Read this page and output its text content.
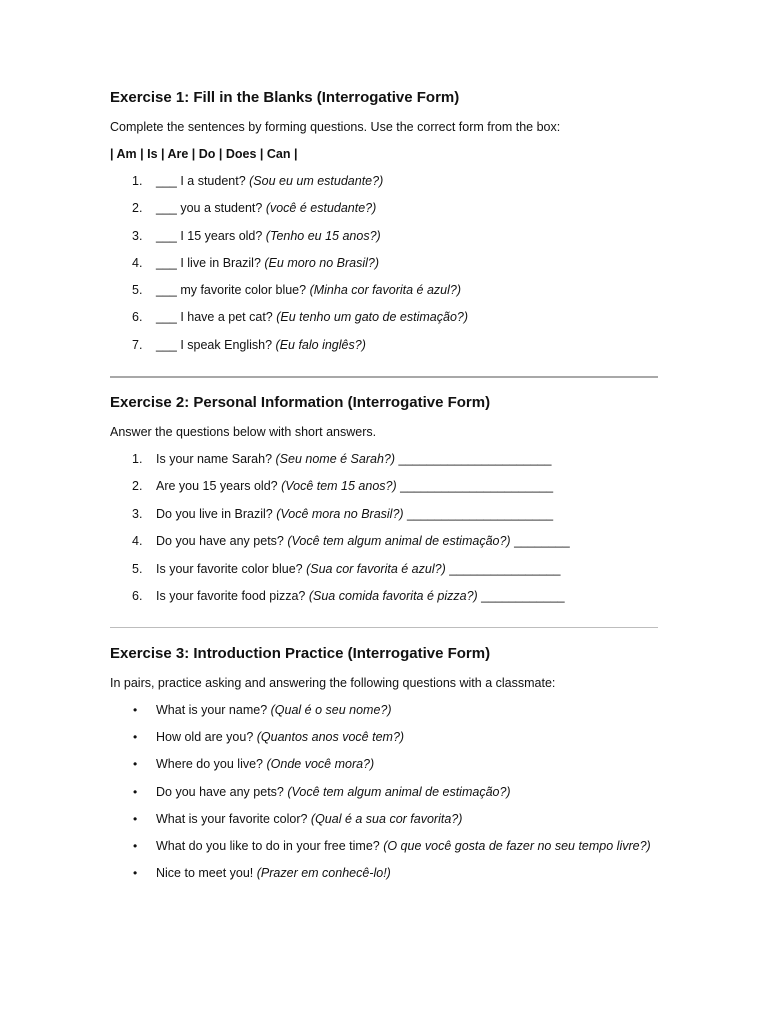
Exercise 1: Fill in the Blanks (Interrogative Form)
Complete the sentences by forming questions. Use the correct form from the box:
| Am | Is | Are | Do | Does | Can |
1. ___ I a student? (Sou eu um estudante?)
2. ___ you a student? (você é estudante?)
3. ___ I 15 years old? (Tenho eu 15 anos?)
4. ___ I live in Brazil? (Eu moro no Brasil?)
5. ___ my favorite color blue? (Minha cor favorita é azul?)
6. ___ I have a pet cat? (Eu tenho um gato de estimação?)
7. ___ I speak English? (Eu falo inglês?)
Exercise 2: Personal Information (Interrogative Form)
Answer the questions below with short answers.
1. Is your name Sarah? (Seu nome é Sarah?) ______________________
2. Are you 15 years old? (Você tem 15 anos?) ______________________
3. Do you live in Brazil? (Você mora no Brasil?) _____________________
4. Do you have any pets? (Você tem algum animal de estimação?) ________
5. Is your favorite color blue? (Sua cor favorita é azul?) ________________
6. Is your favorite food pizza? (Sua comida favorita é pizza?) ____________
Exercise 3: Introduction Practice (Interrogative Form)
In pairs, practice asking and answering the following questions with a classmate:
• What is your name? (Qual é o seu nome?)
• How old are you? (Quantos anos você tem?)
• Where do you live? (Onde você mora?)
• Do you have any pets? (Você tem algum animal de estimação?)
• What is your favorite color? (Qual é a sua cor favorita?)
• What do you like to do in your free time? (O que você gosta de fazer no seu tempo livre?)
• Nice to meet you! (Prazer em conhecê-lo!)
